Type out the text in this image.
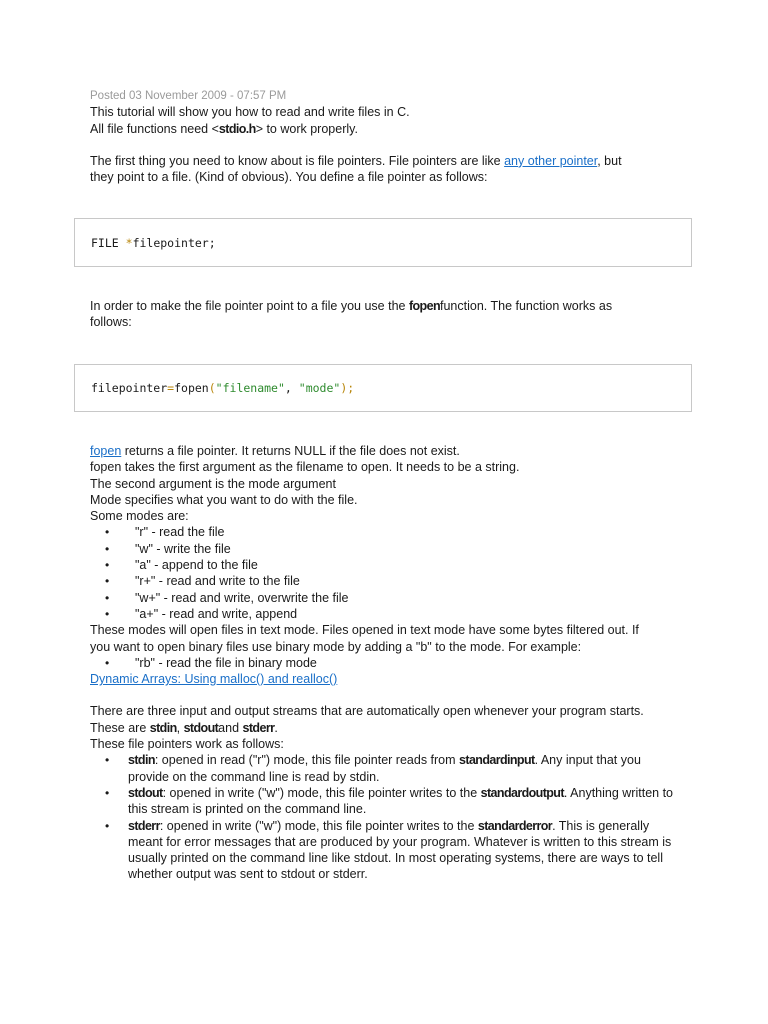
Posted 03 November 2009 - 07:57 PM
This tutorial will show you how to read and write files in C.
All file functions need <stdio.h> to work properly.
The first thing you need to know about is file pointers. File pointers are like any other pointer, but
they point to a file. (Kind of obvious). You define a file pointer as follows:
FILE *filepointer;
In order to make the file pointer point to a file you use the fopenfunction. The function works as
follows:
filepointer=fopen("filename", "mode");
fopen returns a file pointer. It returns NULL if the file does not exist.
fopen takes the first argument as the filename to open. It needs to be a string.
The second argument is the mode argument
Mode specifies what you want to do with the file.
Some modes are:
• "r" - read the file
• "w" - write the file
• "a" - append to the file
• "r+" - read and write to the file
• "w+" - read and write, overwrite the file
• "a+" - read and write, append
These modes will open files in text mode. Files opened in text mode have some bytes filtered out. If
you want to open binary files use binary mode by adding a "b" to the mode. For example:
• "rb" - read the file in binary mode
Dynamic Arrays: Using malloc() and realloc()
There are three input and output streams that are automatically open whenever your program starts.
These are stdin, stdoutand stderr.
These file pointers work as follows:
• stdin: opened in read ("r") mode, this file pointer reads from standardinput. Any input that you provide on the command line is read by stdin.
• stdout: opened in write ("w") mode, this file pointer writes to the standardoutput. Anything written to this stream is printed on the command line.
• stderr: opened in write ("w") mode, this file pointer writes to the standarderror. This is generally meant for error messages that are produced by your program. Whatever is written to this stream is usually printed on the command line like stdout. In most operating systems, there are ways to tell whether output was sent to stdout or stderr.
